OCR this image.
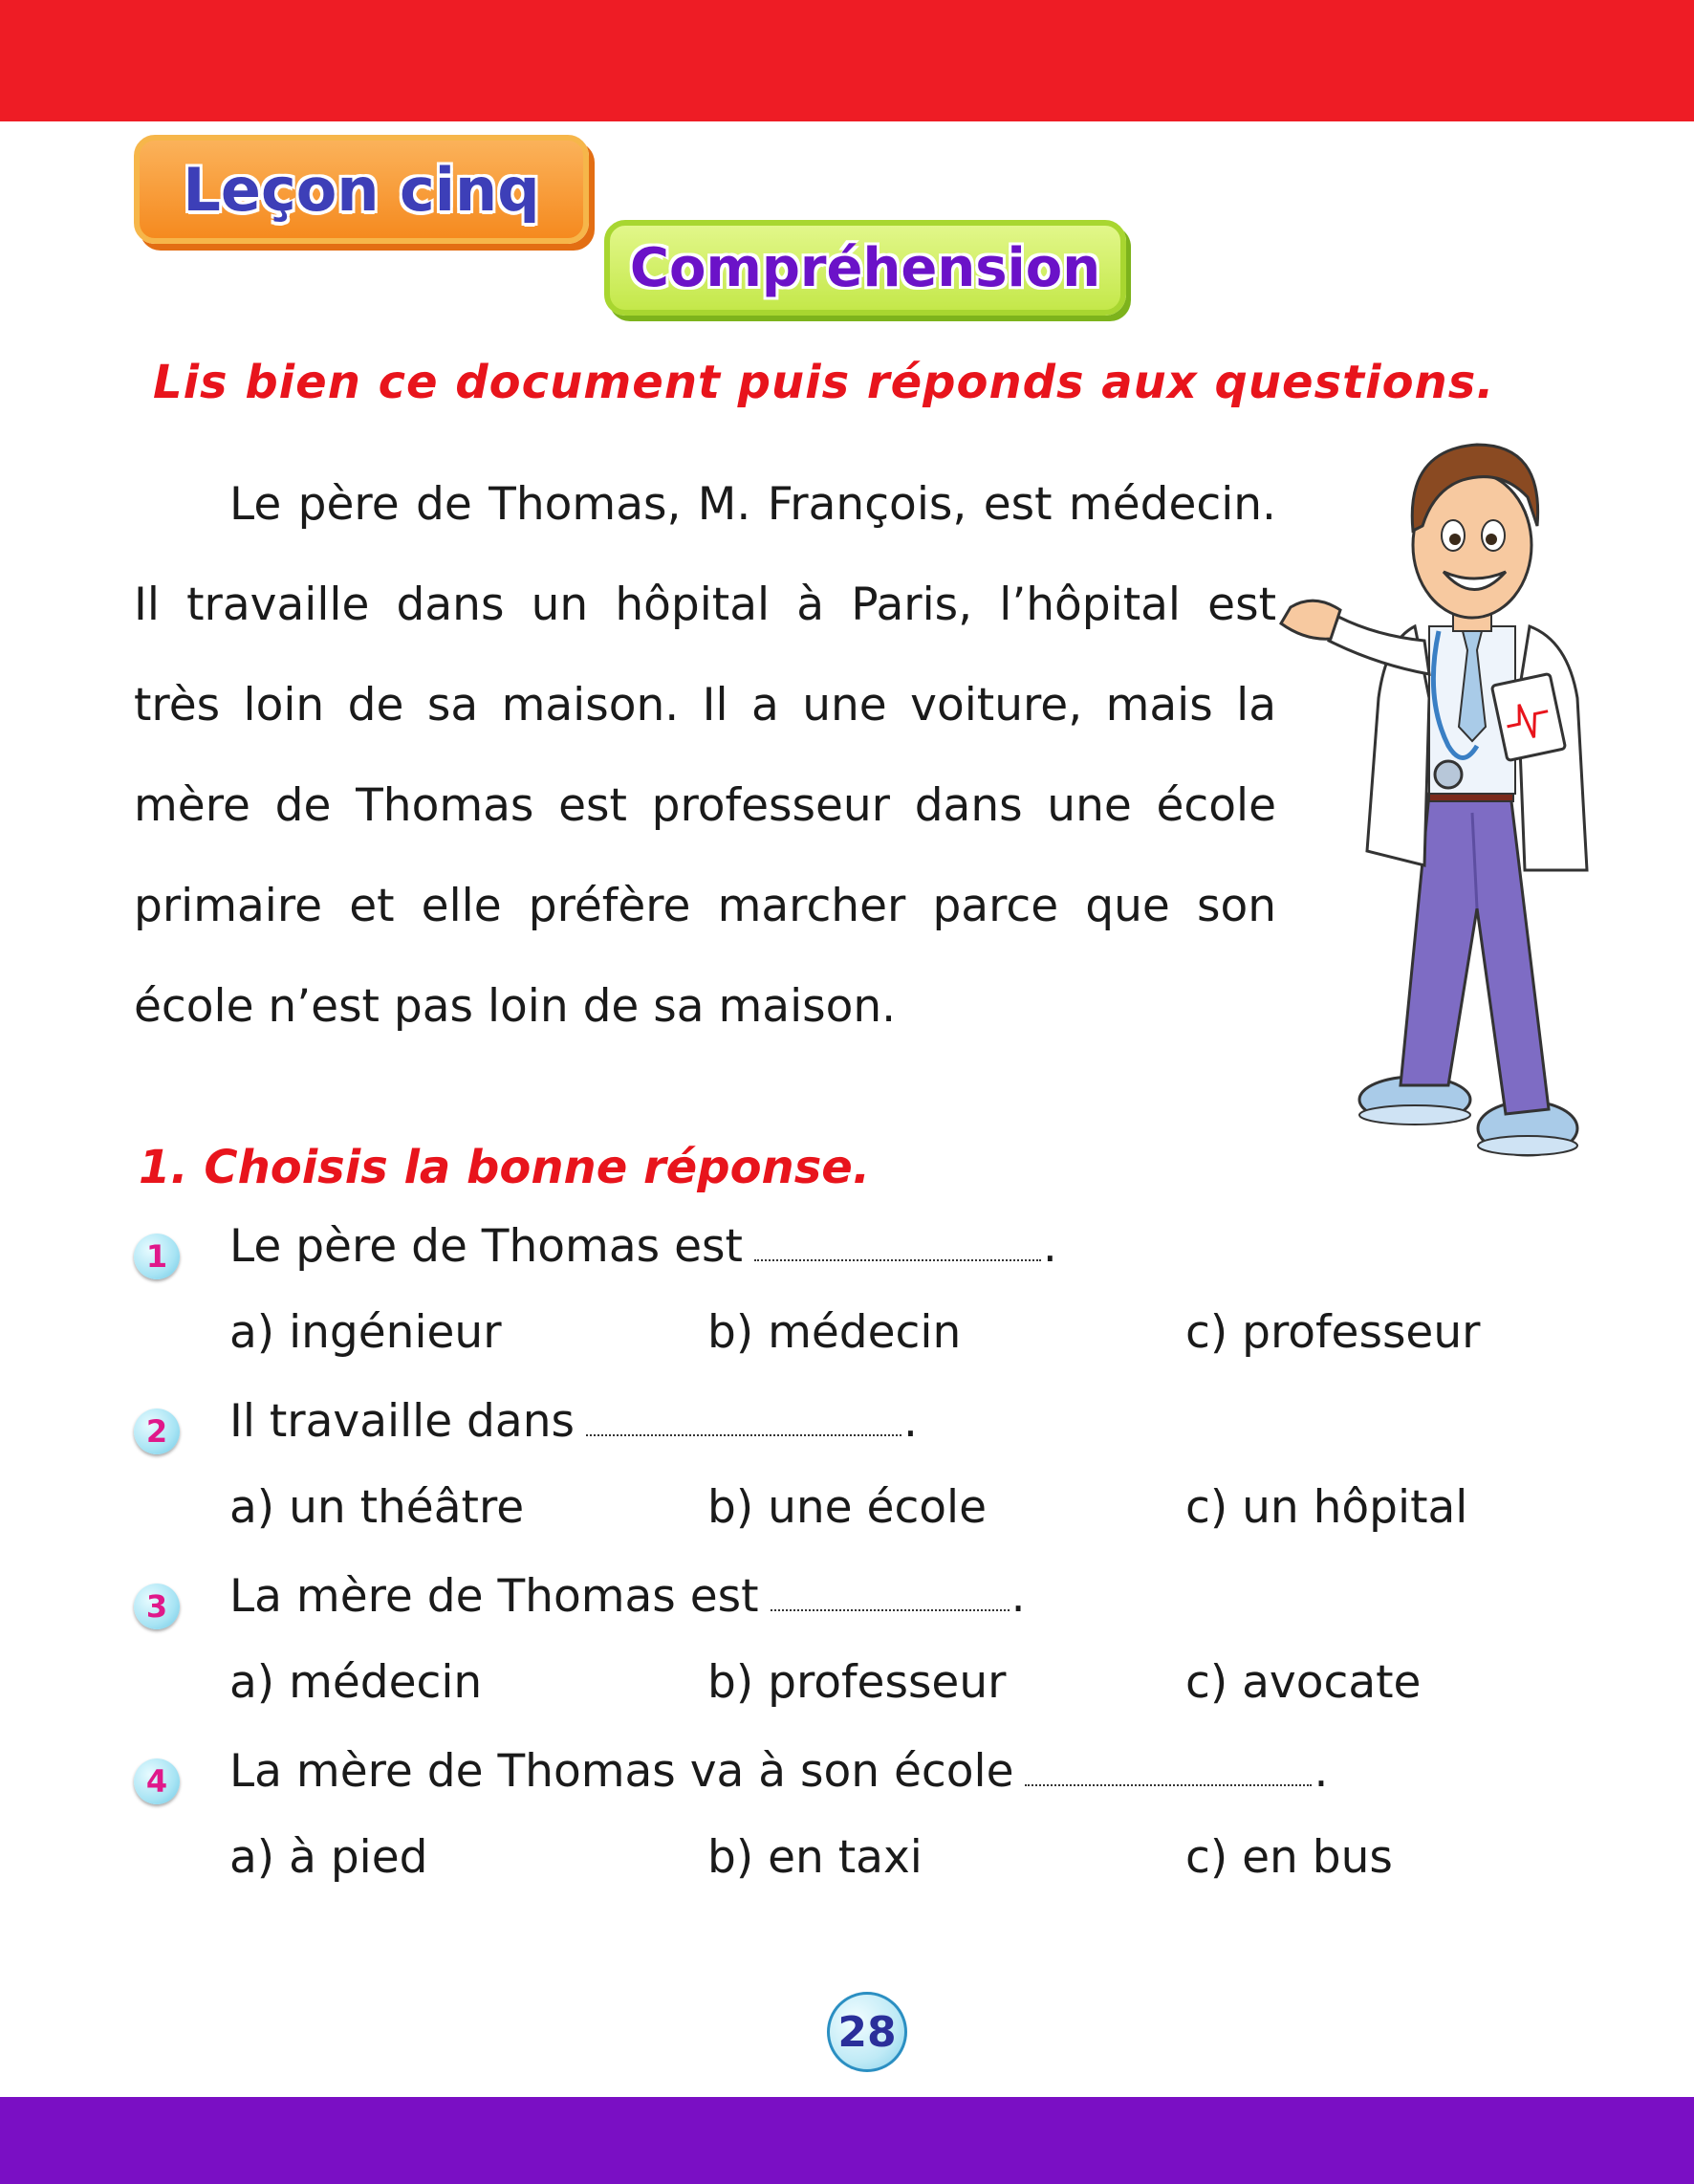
Leçon cinq
Compréhension
Lis bien ce document puis réponds aux questions.
Le père de Thomas, M. François, est médecin.
Il travaille dans un hôpital à Paris, l’hôpital est
très loin de sa maison. Il a une voiture, mais la
mère de Thomas est professeur dans une école
primaire et elle préfère marcher parce que son
école n’est pas loin de sa maison.
1. Choisis la bonne réponse.
1 Le père de Thomas est	.
a) ingénieur	b) médecin	c) professeur
2 Il travaille dans	.
a) un théâtre	b) une école	c) un hôpital
3 La mère de Thomas est	.
a) médecin	b) professeur	c) avocate
4 La mère de Thomas va à son école	.
a) à pied	b) en taxi	c) en bus
28
